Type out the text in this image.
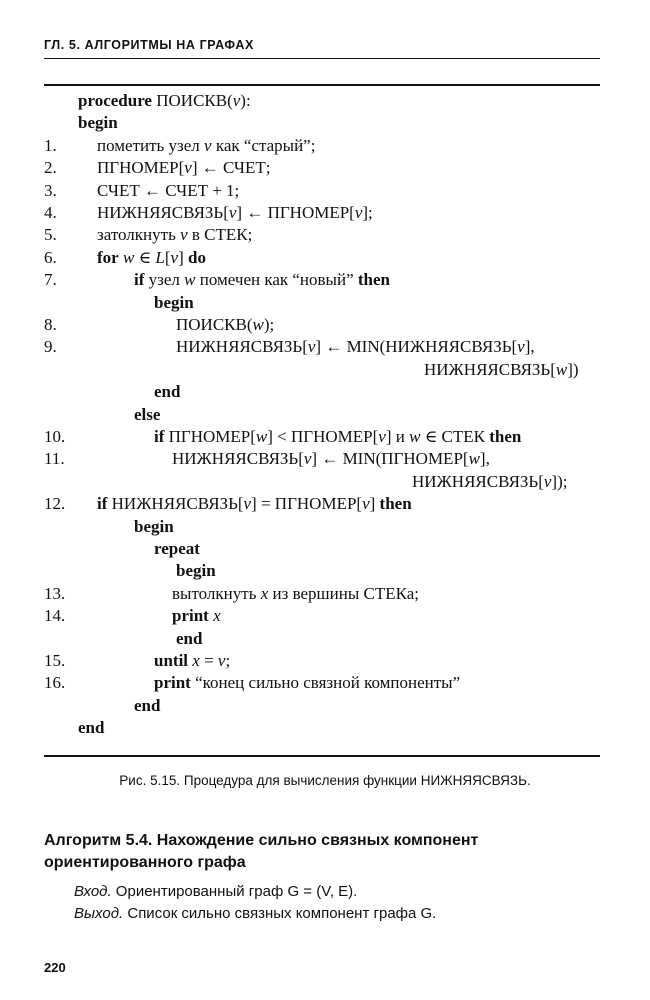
ГЛ. 5. АЛГОРИТМЫ НА ГРАФАХ
procedure ПОИСКВ(v):
begin
1. пометить узел v как “старый”;
2. ПГНОМЕР[v] ← СЧЕТ;
3. СЧЕТ ← СЧЕТ + 1;
4. НИЖНЯЯСВЯЗЬ[v] ← ПГНОМЕР[v];
5. затолкнуть v в СТЕК;
6. for w ∈ L[v] do
7.	if узел w помечен как “новый” then
begin
8.	ПОИСКВ(w);
9.	НИЖНЯЯСВЯЗЬ[v] ← MIN(НИЖНЯЯСВЯЗЬ[v],
НИЖНЯЯСВЯЗЬ[w])
end
else
10.	if ПГНОМЕР[w] < ПГНОМЕР[v] и w ∈ СТЕК then
11.	НИЖНЯЯСВЯЗЬ[v] ← MIN(ПГНОМЕР[w],
НИЖНЯЯСВЯЗЬ[v]);
12. if НИЖНЯЯСВЯЗЬ[v] = ПГНОМЕР[v] then
begin
repeat
begin
13.	вытолкнуть x из вершины СТЕКа;
14.	print x
end
15.	until x = v;
16.	print “конец сильно связной компоненты”
end
end
Рис. 5.15. Процедура для вычисления функции НИЖНЯЯСВЯЗЬ.
Алгоритм 5.4. Нахождение сильно связных компонент ориентированного графа
Вход. Ориентированный граф G = (V, E).
Выход. Список сильно связных компонент графа G.
220
